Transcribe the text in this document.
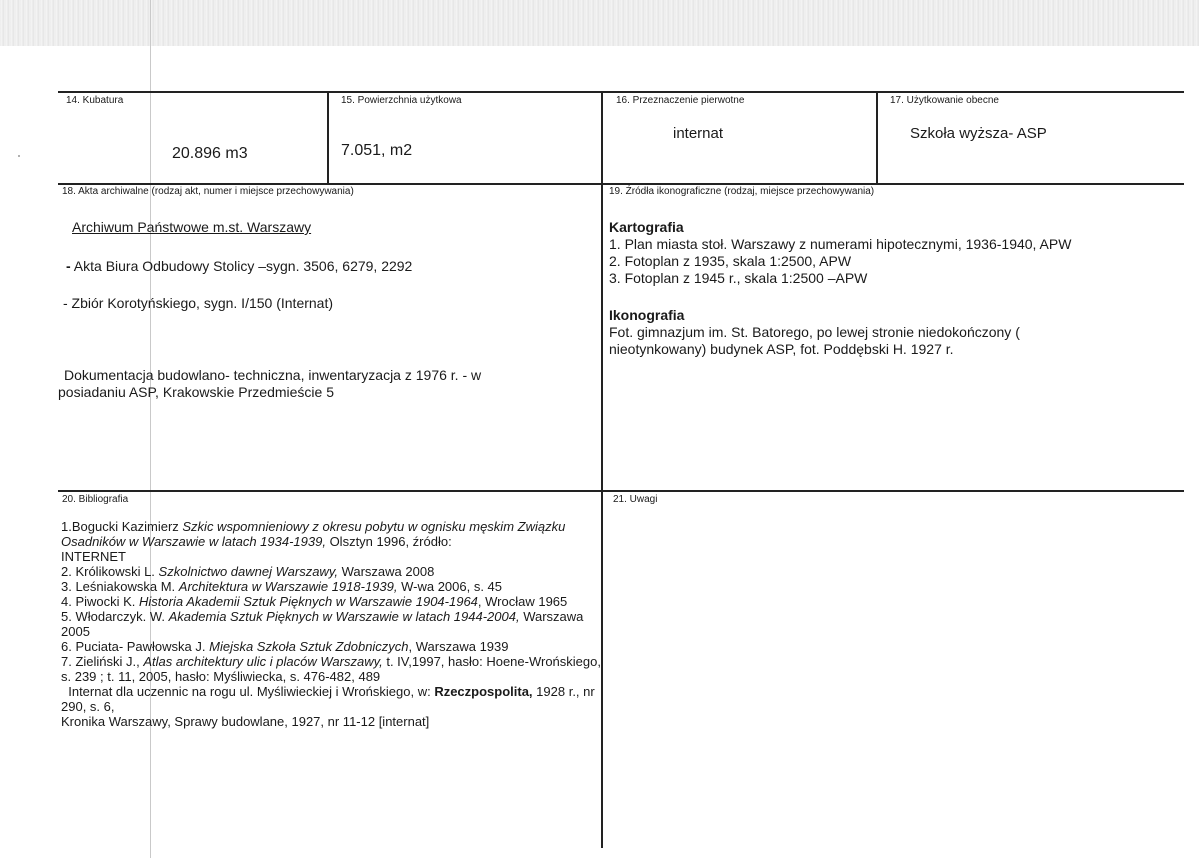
14. Kubatura
20.896 m3
15. Powierzchnia użytkowa
7.051, m2
16. Przeznaczenie pierwotne
internat
17. Użytkowanie obecne
Szkoła wyższa- ASP
18. Akta archiwalne (rodzaj akt, numer i miejsce przechowywania)
Archiwum Państwowe m.st. Warszawy
- Akta Biura Odbudowy Stolicy –sygn. 3506, 6279, 2292
- Zbiór Korotyńskiego, sygn. I/150 (Internat)
Dokumentacja budowlano- techniczna, inwentaryzacja z 1976 r. - w
posiadaniu ASP, Krakowskie Przedmieście 5
19. Źródła ikonograficzne (rodzaj, miejsce przechowywania)
Kartografia
1. Plan miasta stoł. Warszawy z numerami hipotecznymi, 1936-1940, APW
2. Fotoplan z 1935, skala 1:2500, APW
3. Fotoplan z 1945 r., skala 1:2500 –APW
Ikonografia
Fot. gimnazjum im. St. Batorego, po lewej stronie niedokończony (
nieotynkowany) budynek ASP, fot. Poddębski H. 1927 r.
20. Bibliografia
1.Bogucki Kazimierz Szkic wspomnieniowy z okresu pobytu w ognisku męskim Związku Osadników w Warszawie w latach 1934-1939, Olsztyn 1996, źródło:
INTERNET
2. Królikowski L. Szkolnictwo dawnej Warszawy, Warszawa 2008
3. Leśniakowska M. Architektura w Warszawie 1918-1939, W-wa 2006, s. 45
4. Piwocki K. Historia Akademii Sztuk Pięknych w Warszawie 1904-1964, Wrocław 1965
5. Włodarczyk. W. Akademia Sztuk Pięknych w Warszawie w latach 1944-2004, Warszawa 2005
6. Puciata- Pawłowska J. Miejska Szkoła Sztuk Zdobniczych, Warszawa 1939
7. Zieliński J., Atlas architektury ulic i placów Warszawy, t. IV,1997, hasło: Hoene-Wrońskiego, s. 239 ; t. 11, 2005, hasło: Myśliwiecka, s. 476-482, 489
Internat dla uczennic na rogu ul. Myśliwieckiej i Wrońskiego, w: Rzeczpospolita, 1928 r., nr 290, s. 6,
Kronika Warszawy, Sprawy budowlane, 1927, nr 11-12 [internat]
21. Uwagi
